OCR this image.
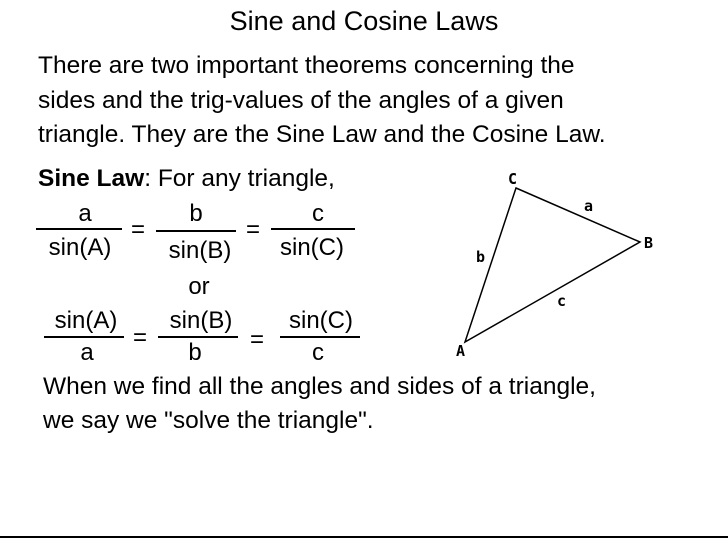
Sine and Cosine Laws
There are two important theorems concerning the
sides and the trig-values of the angles of a given
triangle. They are the Sine Law and the Cosine Law.
Sine Law: For any triangle,
a
sin(A)
=
b
sin(B)
=
c
sin(C)
or
sin(A)
a
=
sin(B)
b	=
sin(C)
c
When we find all the angles and sides of a triangle,
we say we "solve the triangle".
C
B
A
a
b
c
